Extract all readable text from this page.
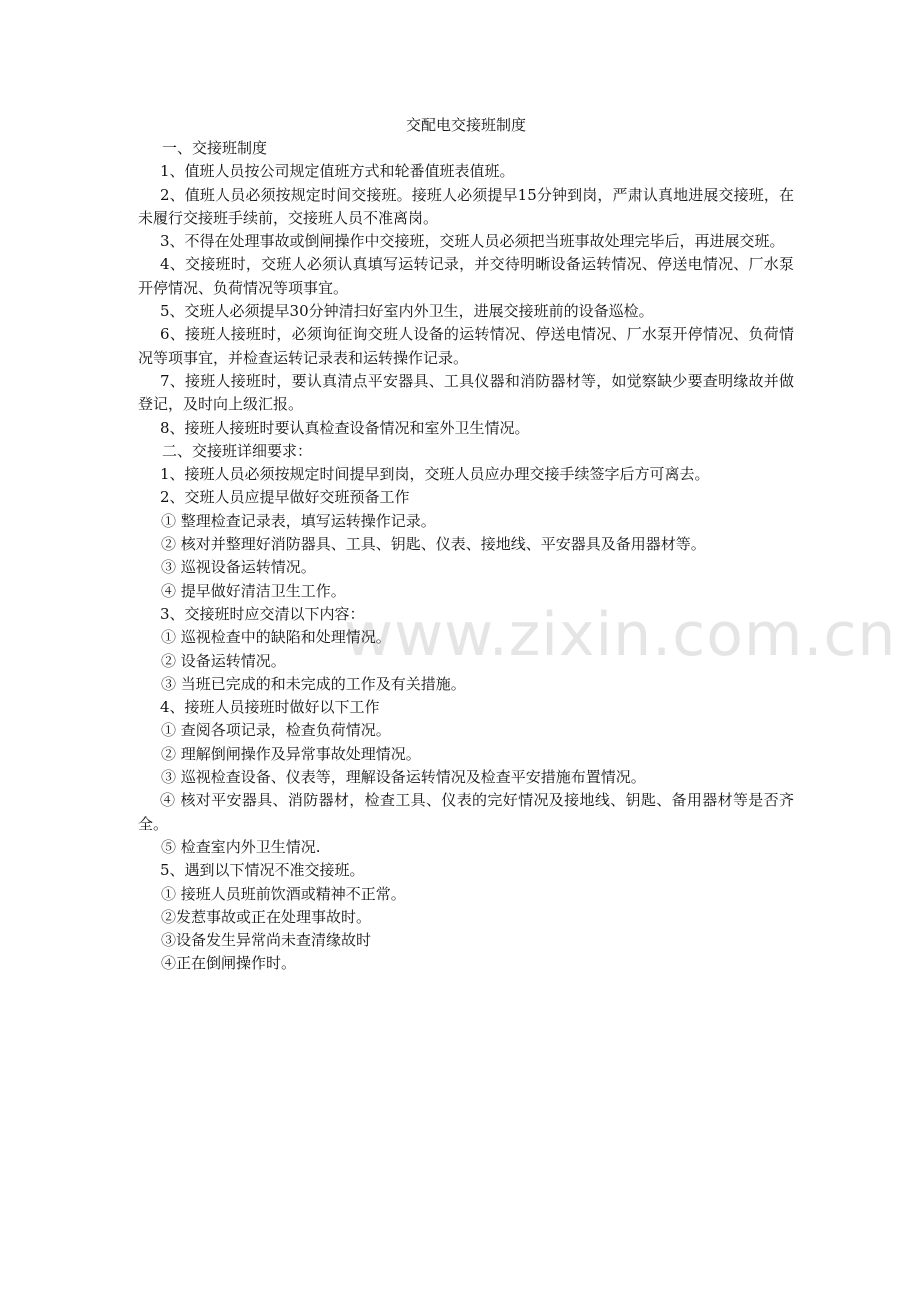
www.zixin.com.cn

交配电交接班制度

一、交接班制度

1、值班人员按公司规定值班方式和轮番值班表值班。

2、值班人员必须按规定时间交接班。接班人必须提早15分钟到岗，严肃认真地进展交接班，在未履行交接班手续前，交接班人员不准离岗。

3、不得在处理事故或倒闸操作中交接班，交班人员必须把当班事故处理完毕后，再进展交班。

4、交接班时，交班人必须认真填写运转记录，并交待明晰设备运转情况、停送电情况、厂水泵开停情况、负荷情况等项事宜。

5、交班人必须提早30分钟清扫好室内外卫生，进展交接班前的设备巡检。

6、接班人接班时，必须询征询交班人设备的运转情况、停送电情况、厂水泵开停情况、负荷情况等项事宜，并检查运转记录表和运转操作记录。

7、接班人接班时，要认真清点平安器具、工具仪器和消防器材等，如觉察缺少要查明缘故并做登记，及时向上级汇报。

8、接班人接班时要认真检查设备情况和室外卫生情况。

二、交接班详细要求：

1、接班人员必须按规定时间提早到岗，交班人员应办理交接手续签字后方可离去。

2、交班人员应提早做好交班预备工作

① 整理检查记录表，填写运转操作记录。

② 核对并整理好消防器具、工具、钥匙、仪表、接地线、平安器具及备用器材等。

③ 巡视设备运转情况。

④ 提早做好清洁卫生工作。

3、交接班时应交清以下内容：

① 巡视检查中的缺陷和处理情况。

② 设备运转情况。

③ 当班已完成的和未完成的工作及有关措施。

4、接班人员接班时做好以下工作

① 查阅各项记录，检查负荷情况。

② 理解倒闸操作及异常事故处理情况。

③ 巡视检查设备、仪表等，理解设备运转情况及检查平安措施布置情况。

④ 核对平安器具、消防器材，检查工具、仪表的完好情况及接地线、钥匙、备用器材等是否齐全。

⑤ 检查室内外卫生情况.

5、遇到以下情况不准交接班。

① 接班人员班前饮酒或精神不正常。

②发惹事故或正在处理事故时。

③设备发生异常尚未查清缘故时

④正在倒闸操作时。
